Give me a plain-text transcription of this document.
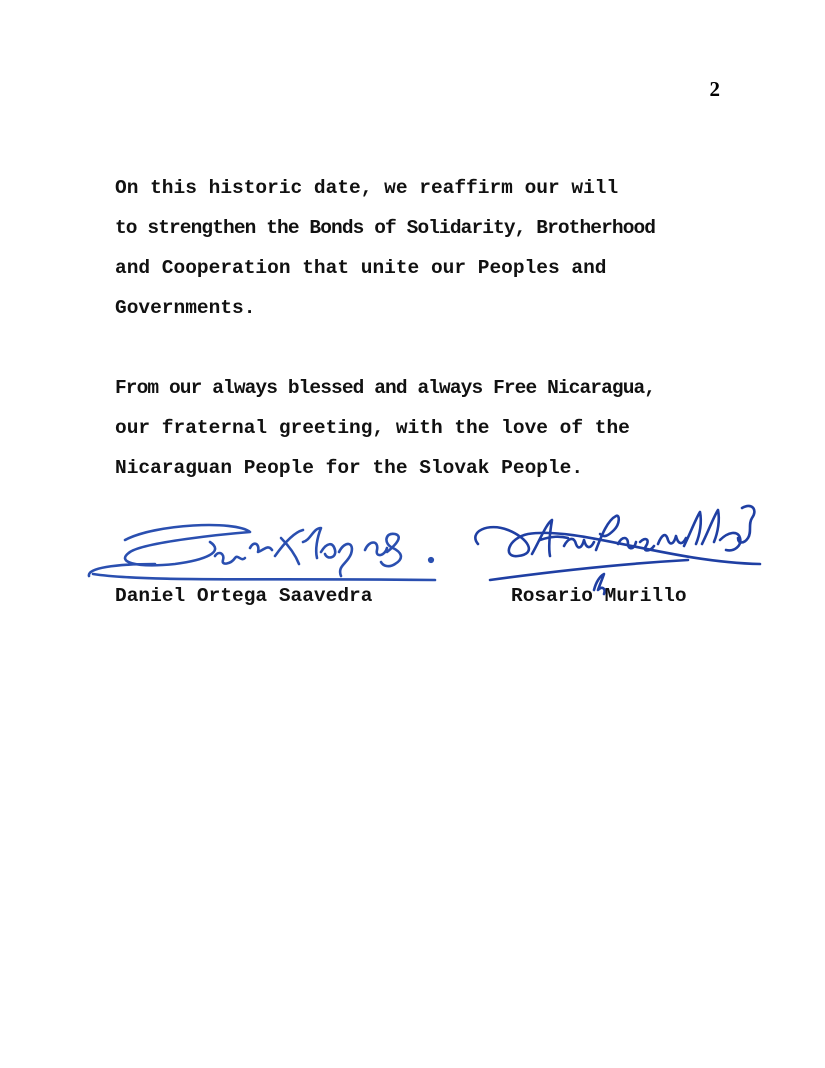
2
On this historic date, we reaffirm our will
to strengthen the Bonds of Solidarity, Brotherhood
and Cooperation that unite our Peoples and
Governments.
From our always blessed and always Free Nicaragua,
our fraternal greeting, with the love of the
Nicaraguan People for the Slovak People.
Daniel Ortega Saavedra	Rosario Murillo
